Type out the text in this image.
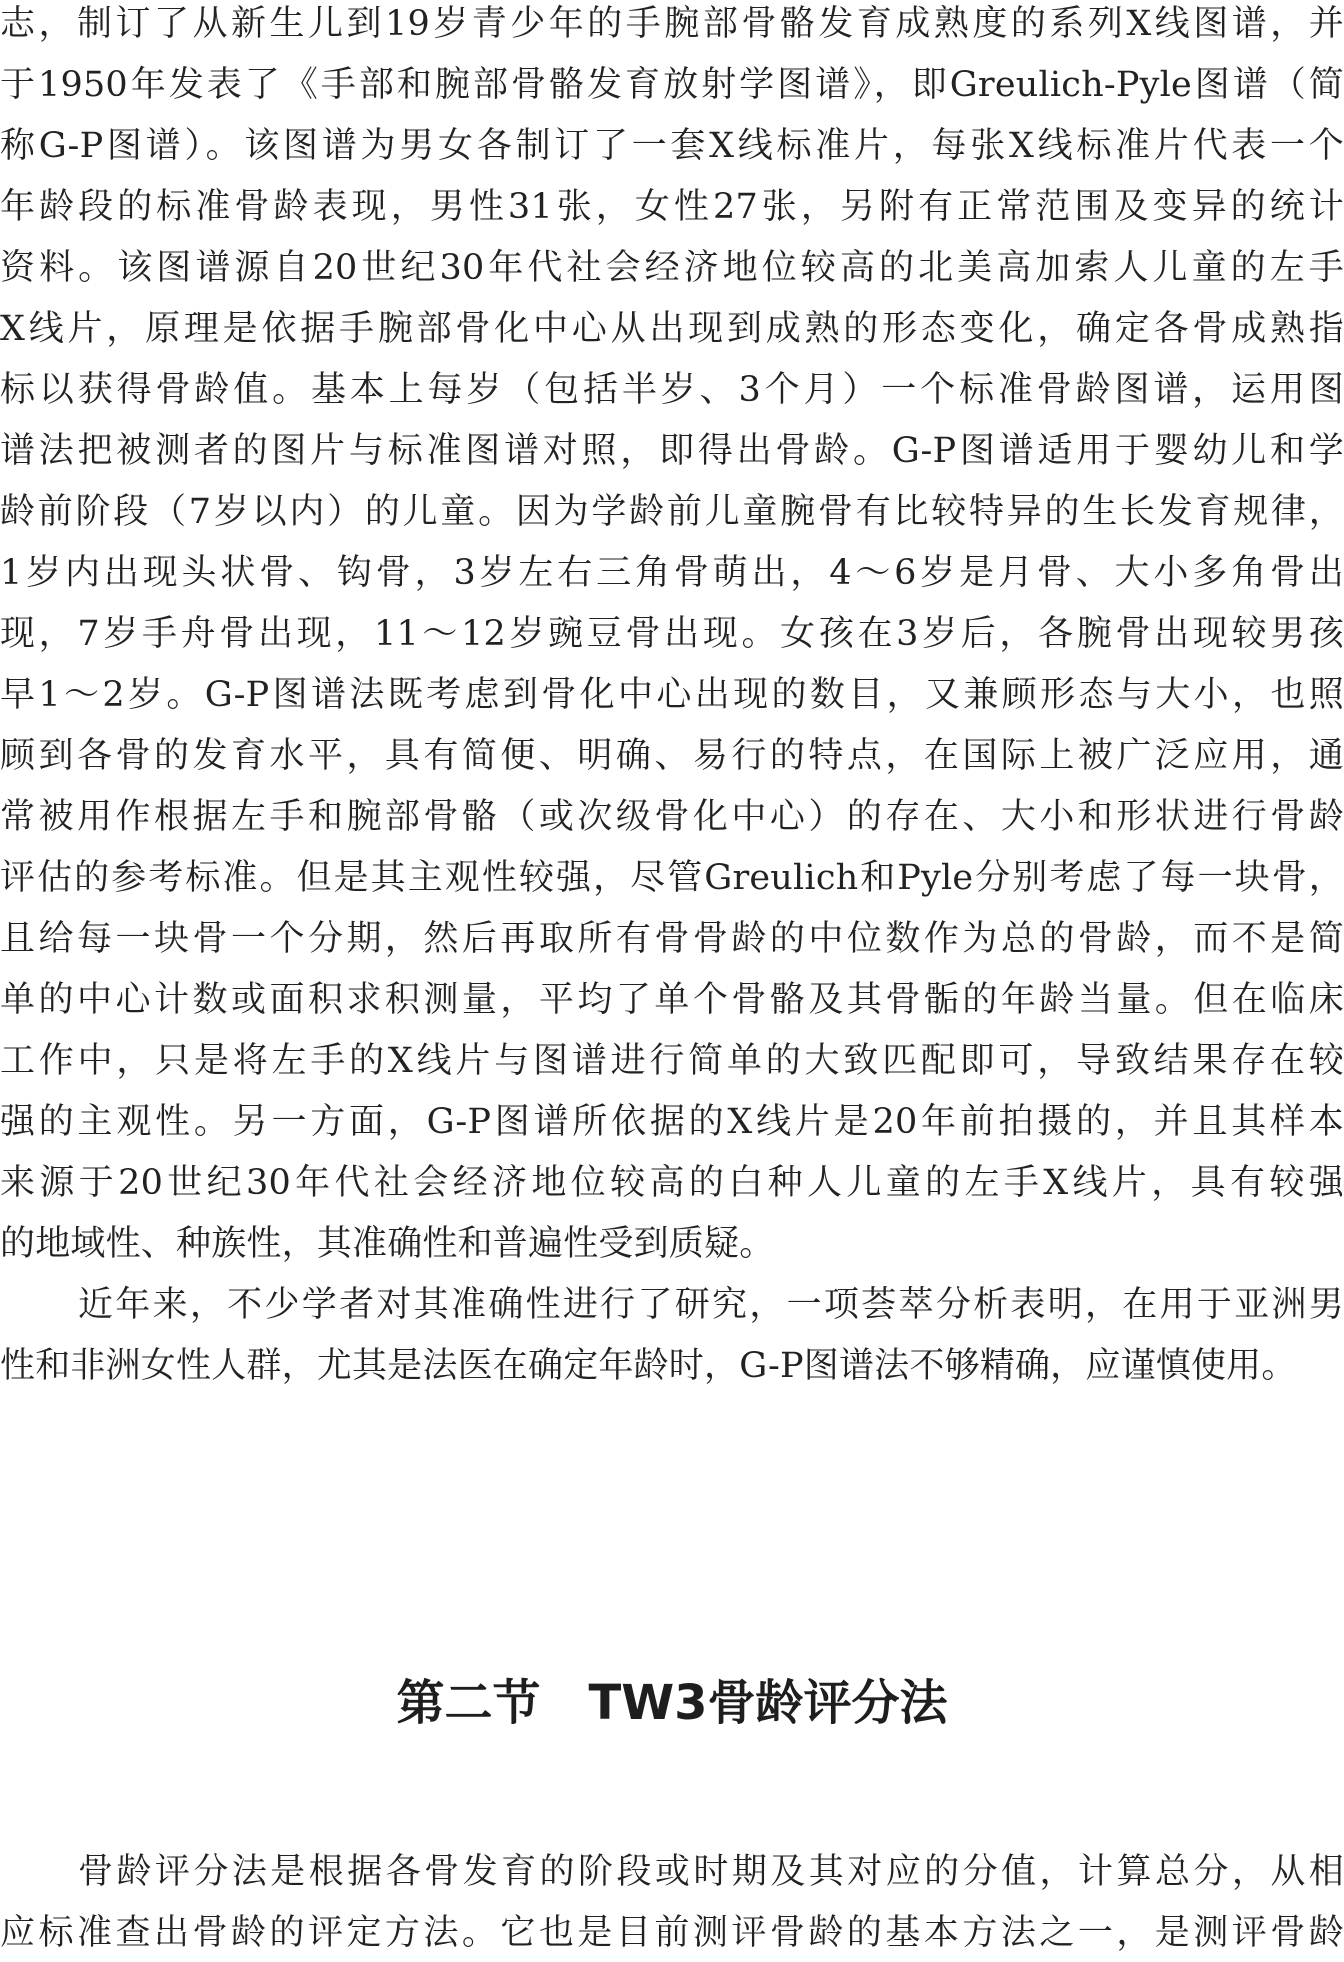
志，制订了从新生儿到19岁青少年的手腕部骨骼发育成熟度的系列X线图谱，并
于1950年发表了《手部和腕部骨骼发育放射学图谱》，即Greulich-Pyle图谱（简
称G-P图谱）。该图谱为男女各制订了一套X线标准片，每张X线标准片代表一个
年龄段的标准骨龄表现，男性31张，女性27张，另附有正常范围及变异的统计
资料。该图谱源自20世纪30年代社会经济地位较高的北美高加索人儿童的左手
X线片，原理是依据手腕部骨化中心从出现到成熟的形态变化，确定各骨成熟指
标以获得骨龄值。基本上每岁（包括半岁、3个月）一个标准骨龄图谱，运用图
谱法把被测者的图片与标准图谱对照，即得出骨龄。G-P图谱适用于婴幼儿和学
龄前阶段（7岁以内）的儿童。因为学龄前儿童腕骨有比较特异的生长发育规律，
1岁内出现头状骨、钩骨，3岁左右三角骨萌出，4～6岁是月骨、大小多角骨出
现，7岁手舟骨出现，11～12岁豌豆骨出现。女孩在3岁后，各腕骨出现较男孩
早1～2岁。G-P图谱法既考虑到骨化中心出现的数目，又兼顾形态与大小，也照
顾到各骨的发育水平，具有简便、明确、易行的特点，在国际上被广泛应用，通
常被用作根据左手和腕部骨骼（或次级骨化中心）的存在、大小和形状进行骨龄
评估的参考标准。但是其主观性较强，尽管Greulich和Pyle分别考虑了每一块骨，
且给每一块骨一个分期，然后再取所有骨骨龄的中位数作为总的骨龄，而不是简
单的中心计数或面积求积测量，平均了单个骨骼及其骨骺的年龄当量。但在临床
工作中，只是将左手的X线片与图谱进行简单的大致匹配即可，导致结果存在较
强的主观性。另一方面，G-P图谱所依据的X线片是20年前拍摄的，并且其样本
来源于20世纪30年代社会经济地位较高的白种人儿童的左手X线片，具有较强
的地域性、种族性，其准确性和普遍性受到质疑。
近年来，不少学者对其准确性进行了研究，一项荟萃分析表明，在用于亚洲男
性和非洲女性人群，尤其是法医在确定年龄时，G-P图谱法不够精确，应谨慎使用。
第二节　TW3骨龄评分法
骨龄评分法是根据各骨发育的阶段或时期及其对应的分值，计算总分，从相
应标准查出骨龄的评定方法。它也是目前测评骨龄的基本方法之一，是测评骨龄
